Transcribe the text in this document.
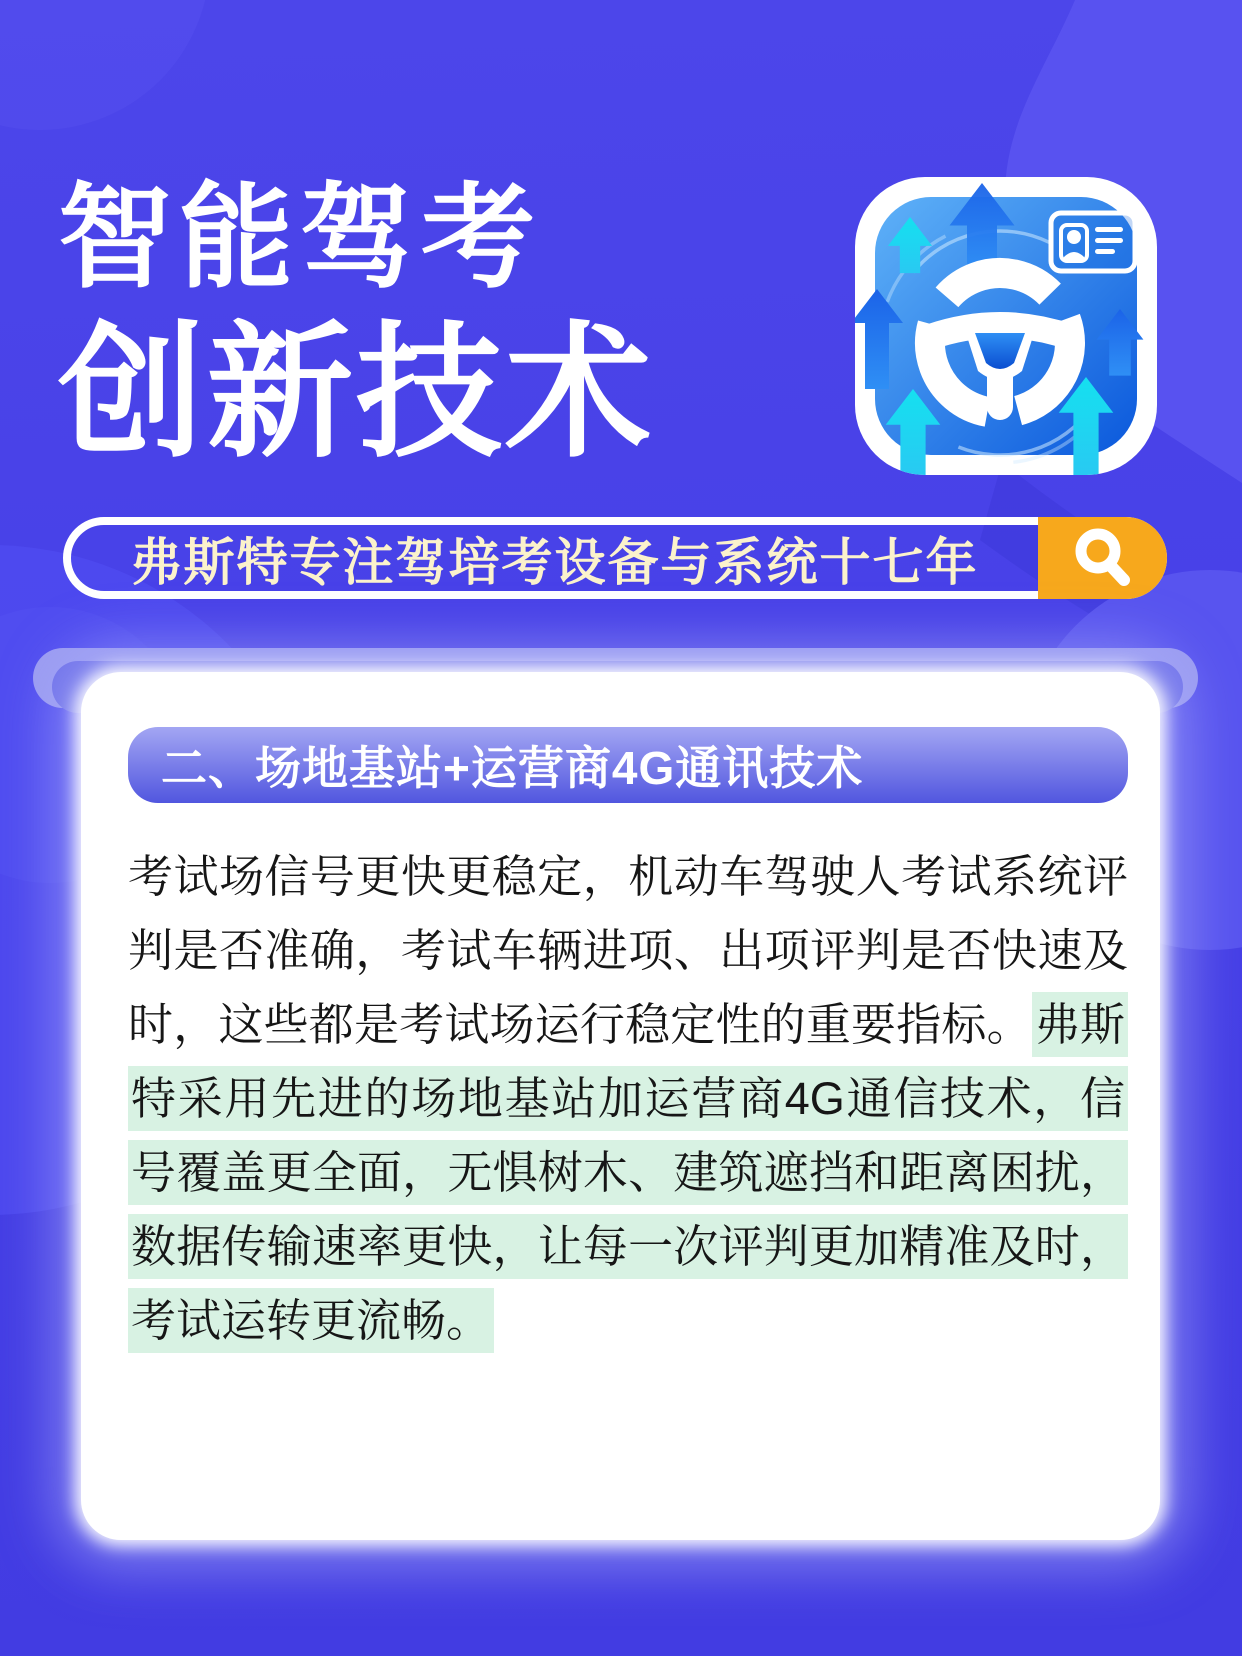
智能驾考
创新技术
弗斯特专注驾培考设备与系统十七年
二、场地基站+运营商4G通讯技术

考试场信号更快更稳定，机动车驾驶人考试系统评判是否准确，考试车辆进项、出项评判是否快速及时，这些都是考试场运行稳定性的重要指标。弗斯特采用先进的场地基站加运营商4G通信技术，信号覆盖更全面，无惧树木、建筑遮挡和距离困扰，数据传输速率更快，让每一次评判更加精准及时，考试运转更流畅。
